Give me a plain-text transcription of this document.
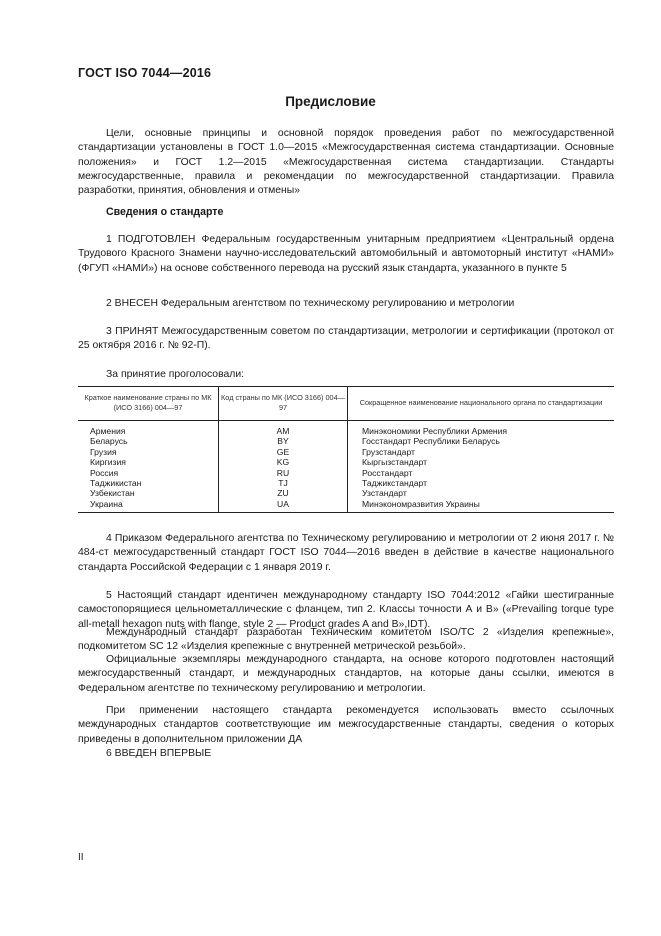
ГОСТ ISO 7044—2016
Предисловие

Цели, основные принципы и основной порядок проведения работ по межгосударственной стандартизации установлены в ГОСТ 1.0—2015 «Межгосударственная система стандартизации. Основные положения» и ГОСТ 1.2—2015 «Межгосударственная система стандартизации. Стандарты межгосударственные, правила и рекомендации по межгосударственной стандартизации. Правила разработки, принятия, обновления и отмены»

Сведения о стандарте

1 ПОДГОТОВЛЕН Федеральным государственным унитарным предприятием «Центральный ордена Трудового Красного Знамени научно-исследовательский автомобильный и автомоторный институт «НАМИ» (ФГУП «НАМИ») на основе собственного перевода на русский язык стандарта, указанного в пункте 5

2 ВНЕСЕН Федеральным агентством по техническому регулированию и метрологии

3 ПРИНЯТ Межгосударственным советом по стандартизации, метрологии и сертификации (протокол от 25 октября 2016 г. № 92-П).

За принятие проголосовали:
Краткое наименование страны по МК (ИСО 3166) 004—97	Код страны по МК (ИСО 3166) 004—97	Сокращенное наименование национального органа по стандартизации
Армения	AM	Минэкономики Республики Армения
Беларусь	BY	Госстандарт Республики Беларусь
Грузия	GE	Грузстандарт
Киргизия	KG	Кыргызстандарт
Россия	RU	Росстандарт
Таджикистан	TJ	Таджикстандарт
Узбекистан	ZU	Узстандарт
Украина	UA	Минэкономразвития Украины

4 Приказом Федерального агентства по Техническому регулированию и метрологии от 2 июня 2017 г. № 484-ст межгосударственный стандарт ГОСТ ISO 7044—2016 введен в действие в качестве национального стандарта Российской Федерации с 1 января 2019 г.

5 Настоящий стандарт идентичен международному стандарту ISO 7044:2012 «Гайки шестигранные самостопорящиеся цельнометаллические с фланцем, тип 2. Классы точности А и В» («Prevailing torque type all-metall hexagon nuts with flange, style 2 — Product grades A and B»,IDT).

Международный стандарт разработан Техническим комитетом ISO/TC 2 «Изделия крепежные», подкомитетом SC 12 «Изделия крепежные с внутренней метрической резьбой».

Официальные экземпляры международного стандарта, на основе которого подготовлен настоящий межгосударственный стандарт, и международных стандартов, на которые даны ссылки, имеются в Федеральном агентстве по техническому регулированию и метрологии.

При применении настоящего стандарта рекомендуется использовать вместо ссылочных международных стандартов соответствующие им межгосударственные стандарты, сведения о которых приведены в дополнительном приложении ДА

6 ВВЕДЕН ВПЕРВЫЕ

II
